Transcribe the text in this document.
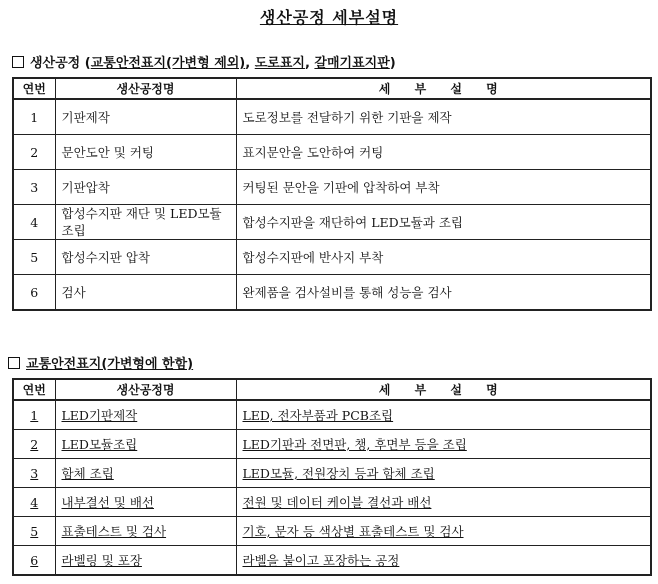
생산공정 세부설명
생산공정 (교통안전표지(가변형 제외), 도로표지, 갈매기표지판)
연번	생산공정명	세 부 설 명
1	기판제작	도로정보를 전달하기 위한 기판을 제작
2	문안도안 및 커팅	표지문안을 도안하여 커팅
3	기판압착	커팅된 문안을 기판에 압착하여 부착
4	합성수지판 재단 및 LED모듈조립	합성수지판을 재단하여 LED모듈과 조립
5	합성수지판 압착	합성수지판에 반사지 부착
6	검사	완제품을 검사설비를 통해 성능을 검사
교통안전표지(가변형에 한함)
연번	생산공정명	세 부 설 명
1	LED기판제작	LED, 전자부품과 PCB조립
2	LED모듈조립	LED기판과 전면판, 챙, 후면부 등을 조립
3	함체 조립	LED모듈, 전원장치 등과 함체 조립
4	내부결선 및 배선	전원 및 데이터 케이블 결선과 배선
5	표출테스트 및 검사	기호, 문자 등 색상별 표출테스트 및 검사
6	라벨링 및 포장	라벨을 붙이고 포장하는 공정
